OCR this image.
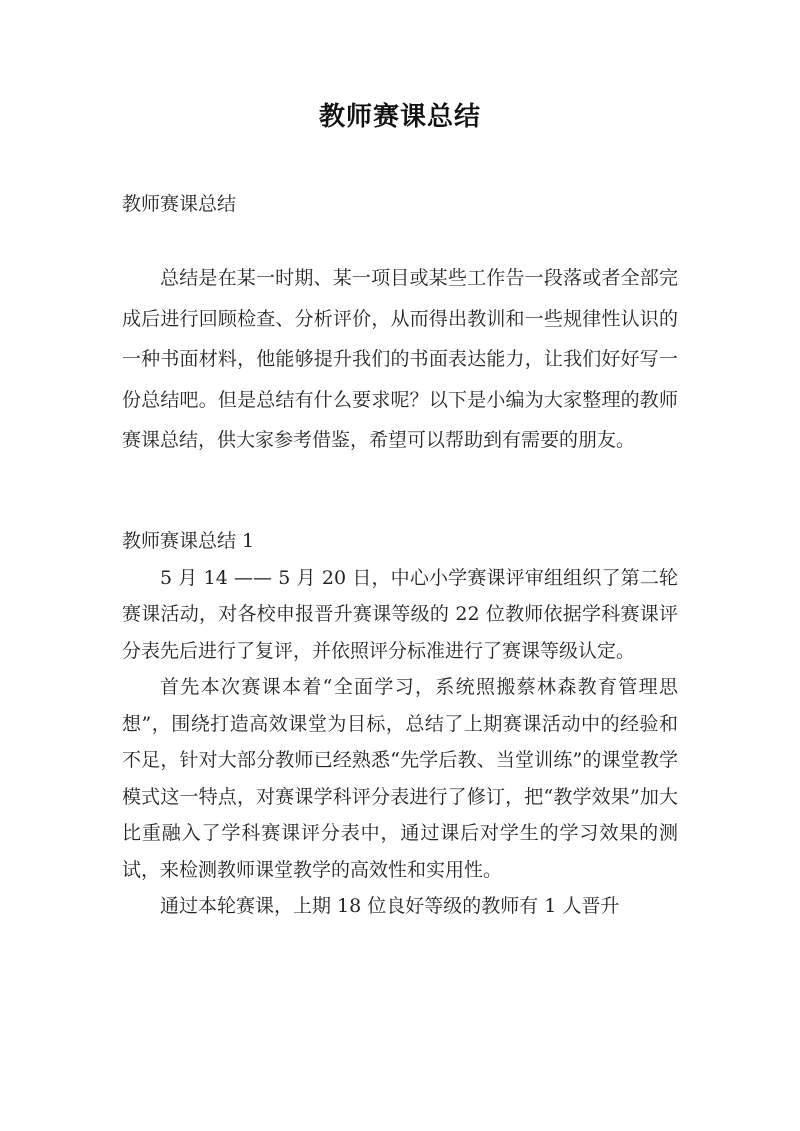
教师赛课总结
教师赛课总结
总结是在某一时期、某一项目或某些工作告一段落或者全部完成后进行回顾检查、分析评价，从而得出教训和一些规律性认识的一种书面材料，他能够提升我们的书面表达能力，让我们好好写一份总结吧。但是总结有什么要求呢？以下是小编为大家整理的教师赛课总结，供大家参考借鉴，希望可以帮助到有需要的朋友。

教师赛课总结 1

5 月 14 —— 5 月 20 日，中心小学赛课评审组组织了第二轮赛课活动，对各校申报晋升赛课等级的 22 位教师依据学科赛课评分表先后进行了复评，并依照评分标准进行了赛课等级认定。

首先本次赛课本着“全面学习，系统照搬蔡林森教育管理思想”，围绕打造高效课堂为目标，总结了上期赛课活动中的经验和不足，针对大部分教师已经熟悉“先学后教、当堂训练”的课堂教学模式这一特点，对赛课学科评分表进行了修订，把“教学效果”加大比重融入了学科赛课评分表中，通过课后对学生的学习效果的测试，来检测教师课堂教学的高效性和实用性。

通过本轮赛课，上期 18 位良好等级的教师有 1 人晋升
